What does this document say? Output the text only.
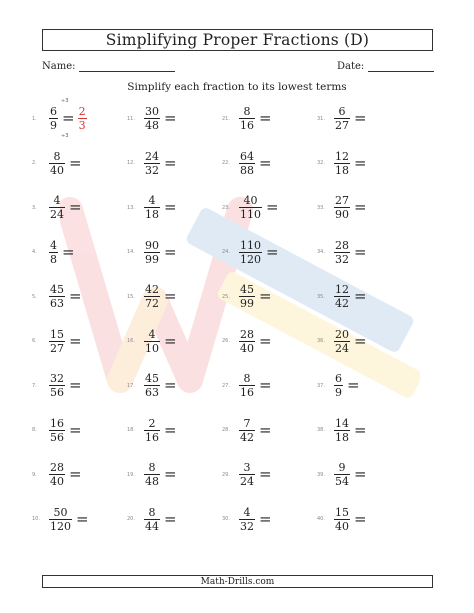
Simplifying Proper Fractions (D)
Name:	Date:
Simplify each fraction to its lowest terms
1.	$\frac{6}{9} = \frac{2}{3}$
÷3
÷3
2.	$\frac{8}{40}$ =
3.	$\frac{4}{24}$ =
4.	$\frac{4}{8}$ =
5.	$\frac{45}{63}$ =
6.	$\frac{15}{27}$ =
7.	$\frac{32}{56}$ =
8.	$\frac{16}{56}$ =
9.	$\frac{28}{40}$ =
10. $\frac{50}{120}$ =
11. $\frac{30}{48}$ =
12. $\frac{24}{32}$ =
13. $\frac{4}{18}$ =
14. $\frac{90}{99}$ =
15. $\frac{42}{72}$ =
16. $\frac{4}{10}$ =
17. $\frac{45}{63}$ =
18. $\frac{2}{16}$ =
19. $\frac{8}{48}$ =
20. $\frac{8}{44}$ =
21. $\frac{8}{16}$ =
22. $\frac{64}{88}$ =
23. $\frac{40}{110}$ =
24. $\frac{110}{120}$ =
25. $\frac{45}{99}$ =
26. $\frac{28}{40}$ =
27. $\frac{8}{16}$ =
28. $\frac{7}{42}$ =
29. $\frac{3}{24}$ =
30. $\frac{4}{32}$ =
31. $\frac{6}{27}$ =
32. $\frac{12}{18}$ =
33. $\frac{27}{90}$ =
34. $\frac{28}{32}$ =
35. $\frac{12}{42}$ =
36. $\frac{20}{24}$ =
37. $\frac{6}{9}$ =
38. $\frac{14}{18}$ =
39. $\frac{9}{54}$ =
40. $\frac{15}{40}$ =
Math-Drills.com
